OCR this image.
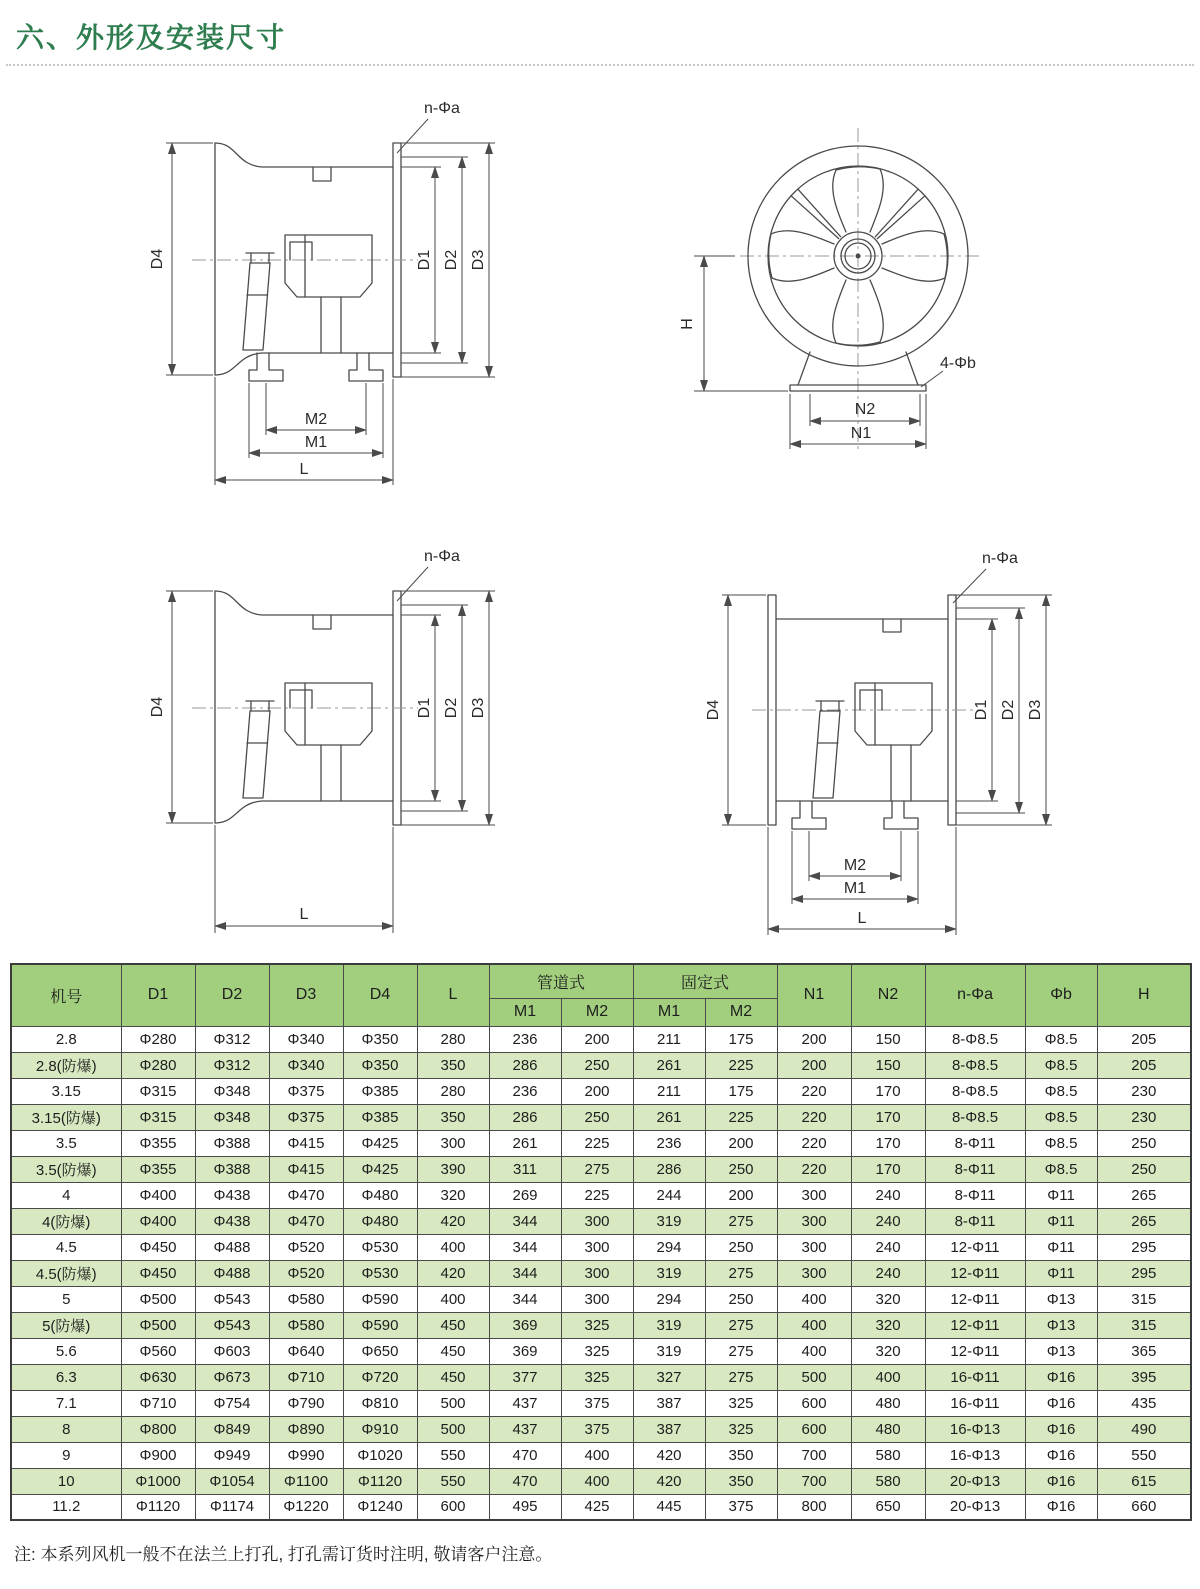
六、外形及安装尺寸
D4
n-Φa
D1 D2 D3
M2
M1
L
H
4-Φb
N2
N1
D4
n-Φa
D1 D2 D3
L
D4
n-Φa
D1 D2 D3
M2
M1
L
机号	D1	D2	D3	D4	L	管道式		固定式		N1	N2	n-Φa	Φb	H
						M1	M2	M1	M2					
2.8	Φ280	Φ312	Φ340	Φ350	280	236	200	211	175	200	150	8-Φ8.5	Φ8.5	205
2.8(防爆)	Φ280	Φ312	Φ340	Φ350	350	286	250	261	225	200	150	8-Φ8.5	Φ8.5	205
3.15	Φ315	Φ348	Φ375	Φ385	280	236	200	211	175	220	170	8-Φ8.5	Φ8.5	230
3.15(防爆)	Φ315	Φ348	Φ375	Φ385	350	286	250	261	225	220	170	8-Φ8.5	Φ8.5	230
3.5	Φ355	Φ388	Φ415	Φ425	300	261	225	236	200	220	170	8-Φ11	Φ8.5	250
3.5(防爆)	Φ355	Φ388	Φ415	Φ425	390	311	275	286	250	220	170	8-Φ11	Φ8.5	250
4	Φ400	Φ438	Φ470	Φ480	320	269	225	244	200	300	240	8-Φ11	Φ11	265
4(防爆)	Φ400	Φ438	Φ470	Φ480	420	344	300	319	275	300	240	8-Φ11	Φ11	265
4.5	Φ450	Φ488	Φ520	Φ530	400	344	300	294	250	300	240	12-Φ11	Φ11	295
4.5(防爆)	Φ450	Φ488	Φ520	Φ530	420	344	300	319	275	300	240	12-Φ11	Φ11	295
5	Φ500	Φ543	Φ580	Φ590	400	344	300	294	250	400	320	12-Φ11	Φ13	315
5(防爆)	Φ500	Φ543	Φ580	Φ590	450	369	325	319	275	400	320	12-Φ11	Φ13	315
5.6	Φ560	Φ603	Φ640	Φ650	450	369	325	319	275	400	320	12-Φ11	Φ13	365
6.3	Φ630	Φ673	Φ710	Φ720	450	377	325	327	275	500	400	16-Φ11	Φ16	395
7.1	Φ710	Φ754	Φ790	Φ810	500	437	375	387	325	600	480	16-Φ11	Φ16	435
8	Φ800	Φ849	Φ890	Φ910	500	437	375	387	325	600	480	16-Φ13	Φ16	490
9	Φ900	Φ949	Φ990	Φ1020	550	470	400	420	350	700	580	16-Φ13	Φ16	550
10	Φ1000	Φ1054	Φ1100	Φ1120	550	470	400	420	350	700	580	20-Φ13	Φ16	615
11.2	Φ1120	Φ1174	Φ1220	Φ1240	600	495	425	445	375	800	650	20-Φ13	Φ16	660

注: 本系列风机一般不在法兰上打孔, 打孔需订货时注明, 敬请客户注意。
